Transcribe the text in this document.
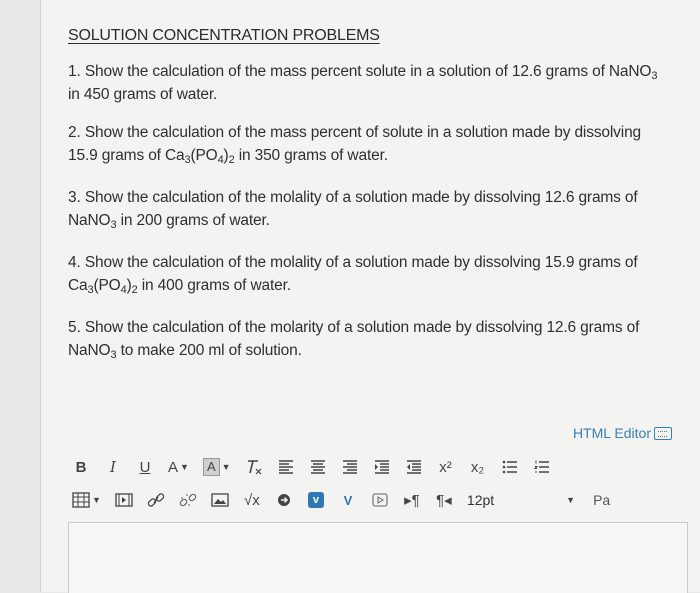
SOLUTION CONCENTRATION PROBLEMS
1. Show the calculation of the mass percent solute in a solution of 12.6 grams of NaNO$_3$ in 450 grams of water.
2. Show the calculation of the mass percent of solute in a solution made by dissolving 15.9 grams of $Ca_3(PO_4)_2$ in 350 grams of water.
3. Show the calculation of the molality of a solution made by dissolving 12.6 grams of NaNO$_3$ in 200 grams of water.
4. Show the calculation of the molality of a solution made by dissolving 15.9 grams of $Ca_3(PO_4)_2$ in 400 grams of water.
5. Show the calculation of the molarity of a solution made by dissolving 12.6 grams of NaNO$_3$ to make 200 ml of solution.
HTML Editor
B	I	U	A ▼	A ▼	x²	x₂
▼	√x	v	V	▸¶	¶◂	12pt	▼ Pa
